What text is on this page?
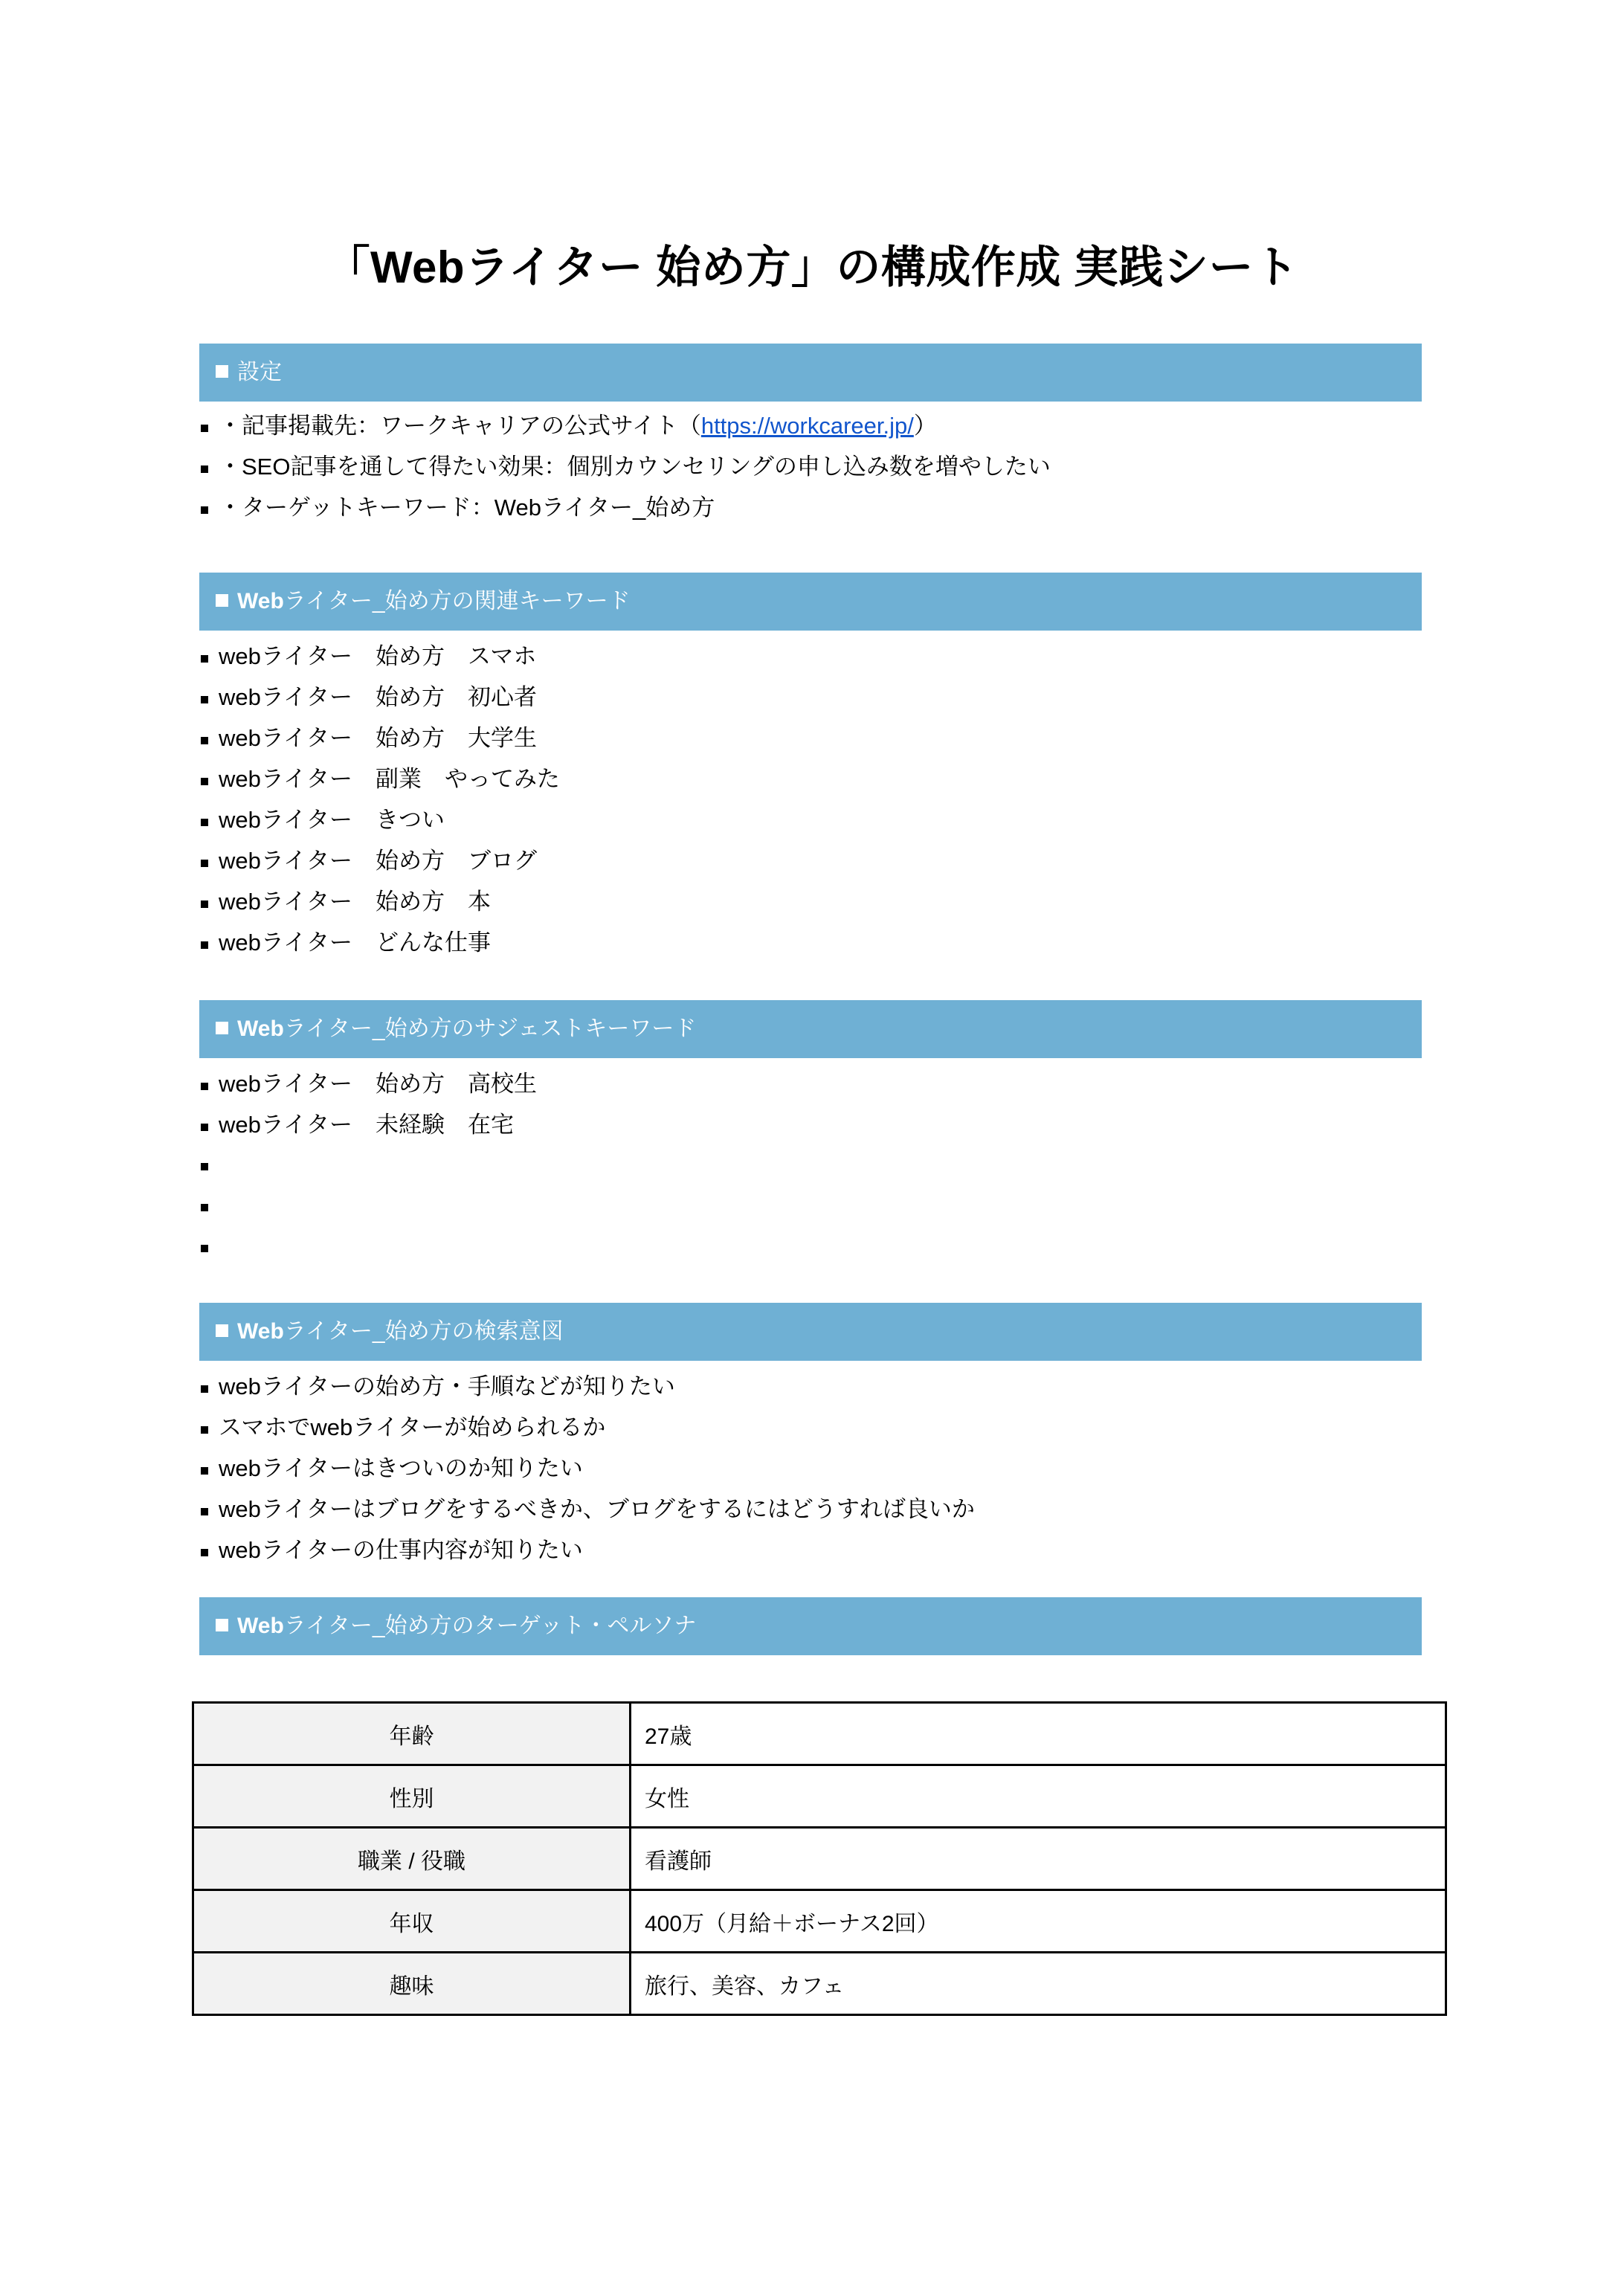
「Webライター 始め方」の構成作成 実践シート
設定
・記事掲載先：ワークキャリアの公式サイト（https://workcareer.jp/）
・SEO記事を通して得たい効果：個別カウンセリングの申し込み数を増やしたい
・ターゲットキーワード：Webライター_始め方
Webライター_始め方の関連キーワード
webライター　始め方　スマホ
webライター　始め方　初心者
webライター　始め方　大学生
webライター　副業　やってみた
webライター　きつい
webライター　始め方　ブログ
webライター　始め方　本
webライター　どんな仕事
Webライター_始め方のサジェストキーワード
webライター　始め方　高校生
webライター　未経験　在宅
Webライター_始め方の検索意図
webライターの始め方・手順などが知りたい
スマホでwebライターが始められるか
webライターはきついのか知りたい
webライターはブログをするべきか、ブログをするにはどうすれば良いか
webライターの仕事内容が知りたい
Webライター_始め方のターゲット・ペルソナ
年齢	27歳
性別	女性
職業 / 役職	看護師
年収	400万（月給＋ボーナス2回）
趣味	旅行、美容、カフェ
